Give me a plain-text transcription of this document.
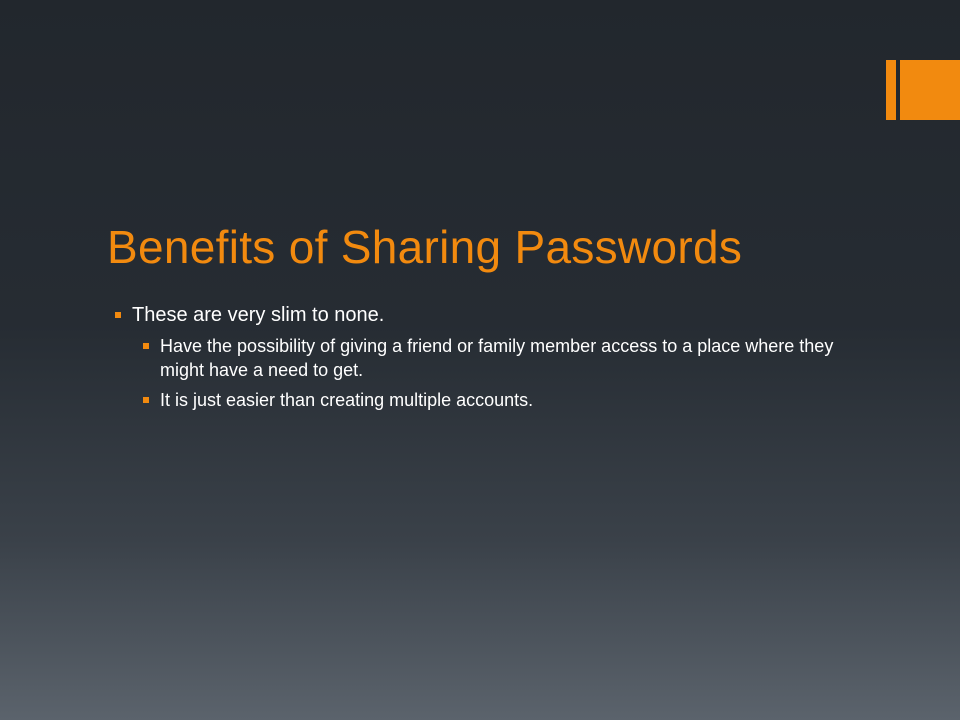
Benefits of Sharing Passwords
These are very slim to none.
Have the possibility of giving a friend or family member access to a place where they might have a need to get.
It is just easier than creating multiple accounts.
